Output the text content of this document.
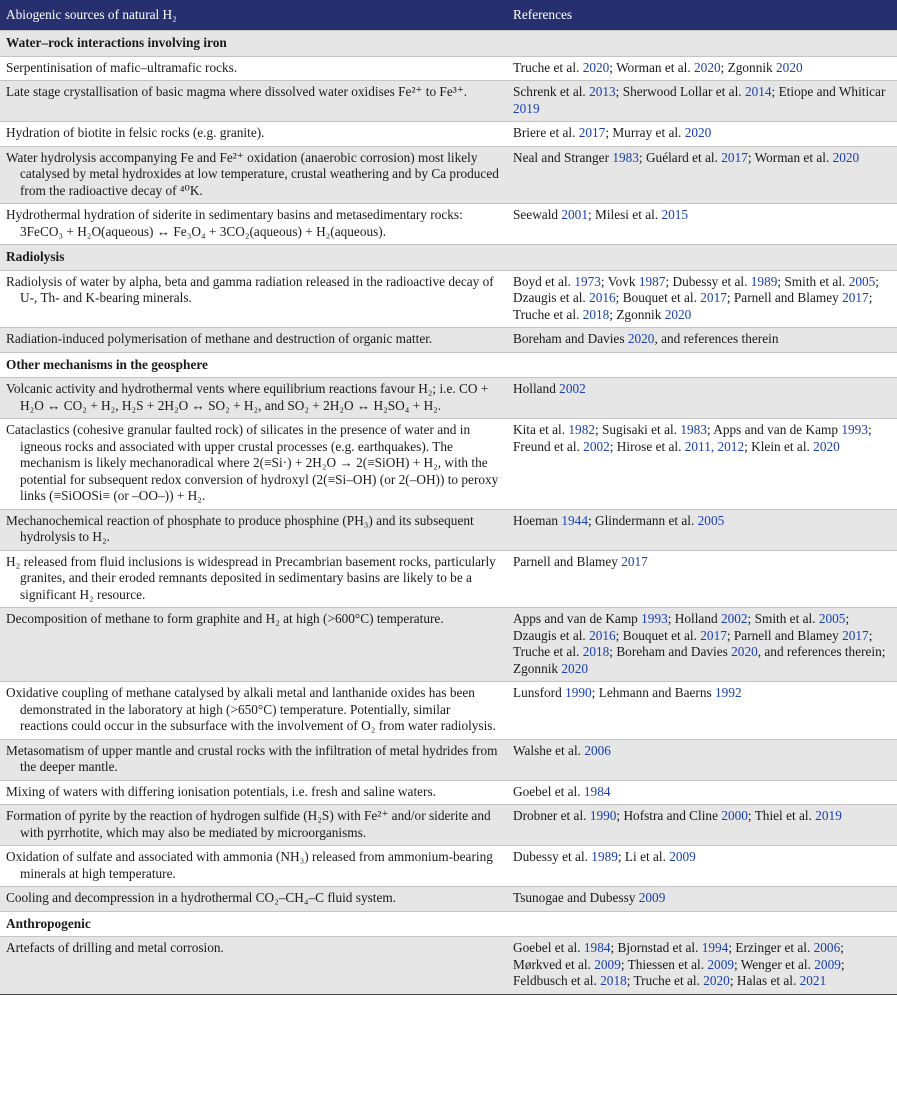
Abiogenic sources of natural H₂	References
Water–rock interactions involving iron	

Serpentinisation of mafic–ultramafic rocks.	Truche et al. 2020; Worman et al. 2020; Zgonnik 2020

Late stage crystallisation of basic magma where dissolved water oxidises Fe²⁺ to Fe³⁺.	Schrenk et al. 2013; Sherwood Lollar et al. 2014; Etiope and Whiticar 2019

Hydration of biotite in felsic rocks (e.g. granite).	Briere et al. 2017; Murray et al. 2020

Water hydrolysis accompanying Fe and Fe²⁺ oxidation (anaerobic corrosion) most likely catalysed by metal hydroxides at low temperature, crustal weathering and by Ca produced from the radioactive decay of ⁴⁰K.	Neal and Stranger 1983; Guélard et al. 2017; Worman et al. 2020

Hydrothermal hydration of siderite in sedimentary basins and metasedimentary rocks: 3FeCO₃ + H₂O(aqueous) ↔ Fe₃O₄ + 3CO₂(aqueous) + H₂(aqueous).	Seewald 2001; Milesi et al. 2015
Radiolysis	

Radiolysis of water by alpha, beta and gamma radiation released in the radioactive decay of U-, Th- and K-bearing minerals.	Boyd et al. 1973; Vovk 1987; Dubessy et al. 1989; Smith et al. 2005; Dzaugis et al. 2016; Bouquet et al. 2017; Parnell and Blamey 2017; Truche et al. 2018; Zgonnik 2020

Radiation-induced polymerisation of methane and destruction of organic matter.	Boreham and Davies 2020, and references therein
Other mechanisms in the geosphere	

Volcanic activity and hydrothermal vents where equilibrium reactions favour H₂; i.e. CO + H₂O ↔ CO₂ + H₂, H₂S + 2H₂O ↔ SO₂ + H₂, and SO₂ + 2H₂O ↔ H₂SO₄ + H₂.	Holland 2002

Cataclastics (cohesive granular faulted rock) of silicates in the presence of water and in igneous rocks and associated with upper crustal processes (e.g. earthquakes). The mechanism is likely mechanoradical where 2(≡Si·) + 2H₂O → 2(≡SiOH) + H₂, with the potential for subsequent redox conversion of hydroxyl (2(≡Si–OH) (or 2(–OH)) to peroxy links (≡SiOOSi≡ (or –OO–)) + H₂.	Kita et al. 1982; Sugisaki et al. 1983; Apps and van de Kamp 1993; Freund et al. 2002; Hirose et al. 2011, 2012; Klein et al. 2020

Mechanochemical reaction of phosphate to produce phosphine (PH₃) and its subsequent hydrolysis to H₂.	Hoeman 1944; Glindermann et al. 2005

H₂ released from fluid inclusions is widespread in Precambrian basement rocks, particularly granites, and their eroded remnants deposited in sedimentary basins are likely to be a significant H₂ resource.	Parnell and Blamey 2017

Decomposition of methane to form graphite and H₂ at high (>600°C) temperature.	Apps and van de Kamp 1993; Holland 2002; Smith et al. 2005; Dzaugis et al. 2016; Bouquet et al. 2017; Parnell and Blamey 2017; Truche et al. 2018; Boreham and Davies 2020, and references therein; Zgonnik 2020

Oxidative coupling of methane catalysed by alkali metal and lanthanide oxides has been demonstrated in the laboratory at high (>650°C) temperature. Potentially, similar reactions could occur in the subsurface with the involvement of O₂ from water radiolysis.	Lunsford 1990; Lehmann and Baerns 1992

Metasomatism of upper mantle and crustal rocks with the infiltration of metal hydrides from the deeper mantle.	Walshe et al. 2006

Mixing of waters with differing ionisation potentials, i.e. fresh and saline waters.	Goebel et al. 1984

Formation of pyrite by the reaction of hydrogen sulfide (H₂S) with Fe²⁺ and/or siderite and with pyrrhotite, which may also be mediated by microorganisms.	Drobner et al. 1990; Hofstra and Cline 2000; Thiel et al. 2019

Oxidation of sulfate and associated with ammonia (NH₃) released from ammonium-bearing minerals at high temperature.	Dubessy et al. 1989; Li et al. 2009

Cooling and decompression in a hydrothermal CO₂–CH₄–C fluid system.	Tsunogae and Dubessy 2009
Anthropogenic	

Artefacts of drilling and metal corrosion.	Goebel et al. 1984; Bjornstad et al. 1994; Erzinger et al. 2006; Mørkved et al. 2009; Thiessen et al. 2009; Wenger et al. 2009; Feldbusch et al. 2018; Truche et al. 2020; Halas et al. 2021
